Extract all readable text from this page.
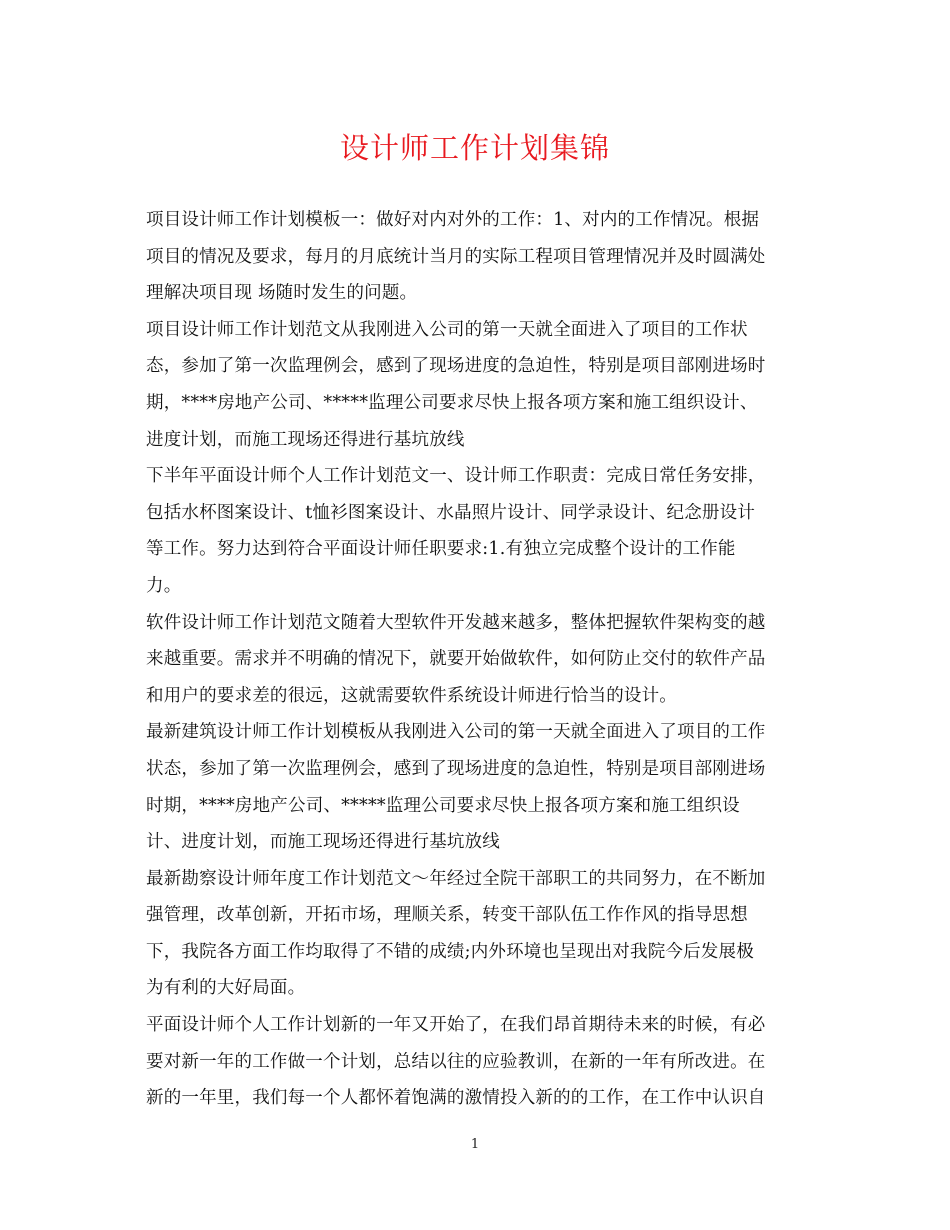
设计师工作计划集锦
项目设计师工作计划模板一：做好对内对外的工作：1、对内的工作情况。根据
项目的情况及要求，每月的月底统计当月的实际工程项目管理情况并及时圆满处
理解决项目现 场随时发生的问题。
项目设计师工作计划范文从我刚进入公司的第一天就全面进入了项目的工作状
态，参加了第一次监理例会，感到了现场进度的急迫性，特别是项目部刚进场时
期，****房地产公司、*****监理公司要求尽快上报各项方案和施工组织设计、
进度计划，而施工现场还得进行基坑放线
下半年平面设计师个人工作计划范文一、设计师工作职责：完成日常任务安排，
包括水杯图案设计、t恤衫图案设计、水晶照片设计、同学录设计、纪念册设计
等工作。努力达到符合平面设计师任职要求:1.有独立完成整个设计的工作能
力。
软件设计师工作计划范文随着大型软件开发越来越多，整体把握软件架构变的越
来越重要。需求并不明确的情况下，就要开始做软件，如何防止交付的软件产品
和用户的要求差的很远，这就需要软件系统设计师进行恰当的设计。
最新建筑设计师工作计划模板从我刚进入公司的第一天就全面进入了项目的工作
状态，参加了第一次监理例会，感到了现场进度的急迫性，特别是项目部刚进场
时期，****房地产公司、*****监理公司要求尽快上报各项方案和施工组织设
计、进度计划，而施工现场还得进行基坑放线
最新勘察设计师年度工作计划范文～年经过全院干部职工的共同努力，在不断加
强管理，改革创新，开拓市场，理顺关系，转变干部队伍工作作风的指导思想
下，我院各方面工作均取得了不错的成绩;内外环境也呈现出对我院今后发展极
为有利的大好局面。
平面设计师个人工作计划新的一年又开始了，在我们昂首期待未来的时候，有必
要对新一年的工作做一个计划，总结以往的应验教训，在新的一年有所改进。在
新的一年里，我们每一个人都怀着饱满的激情投入新的的工作，在工作中认识自
1
